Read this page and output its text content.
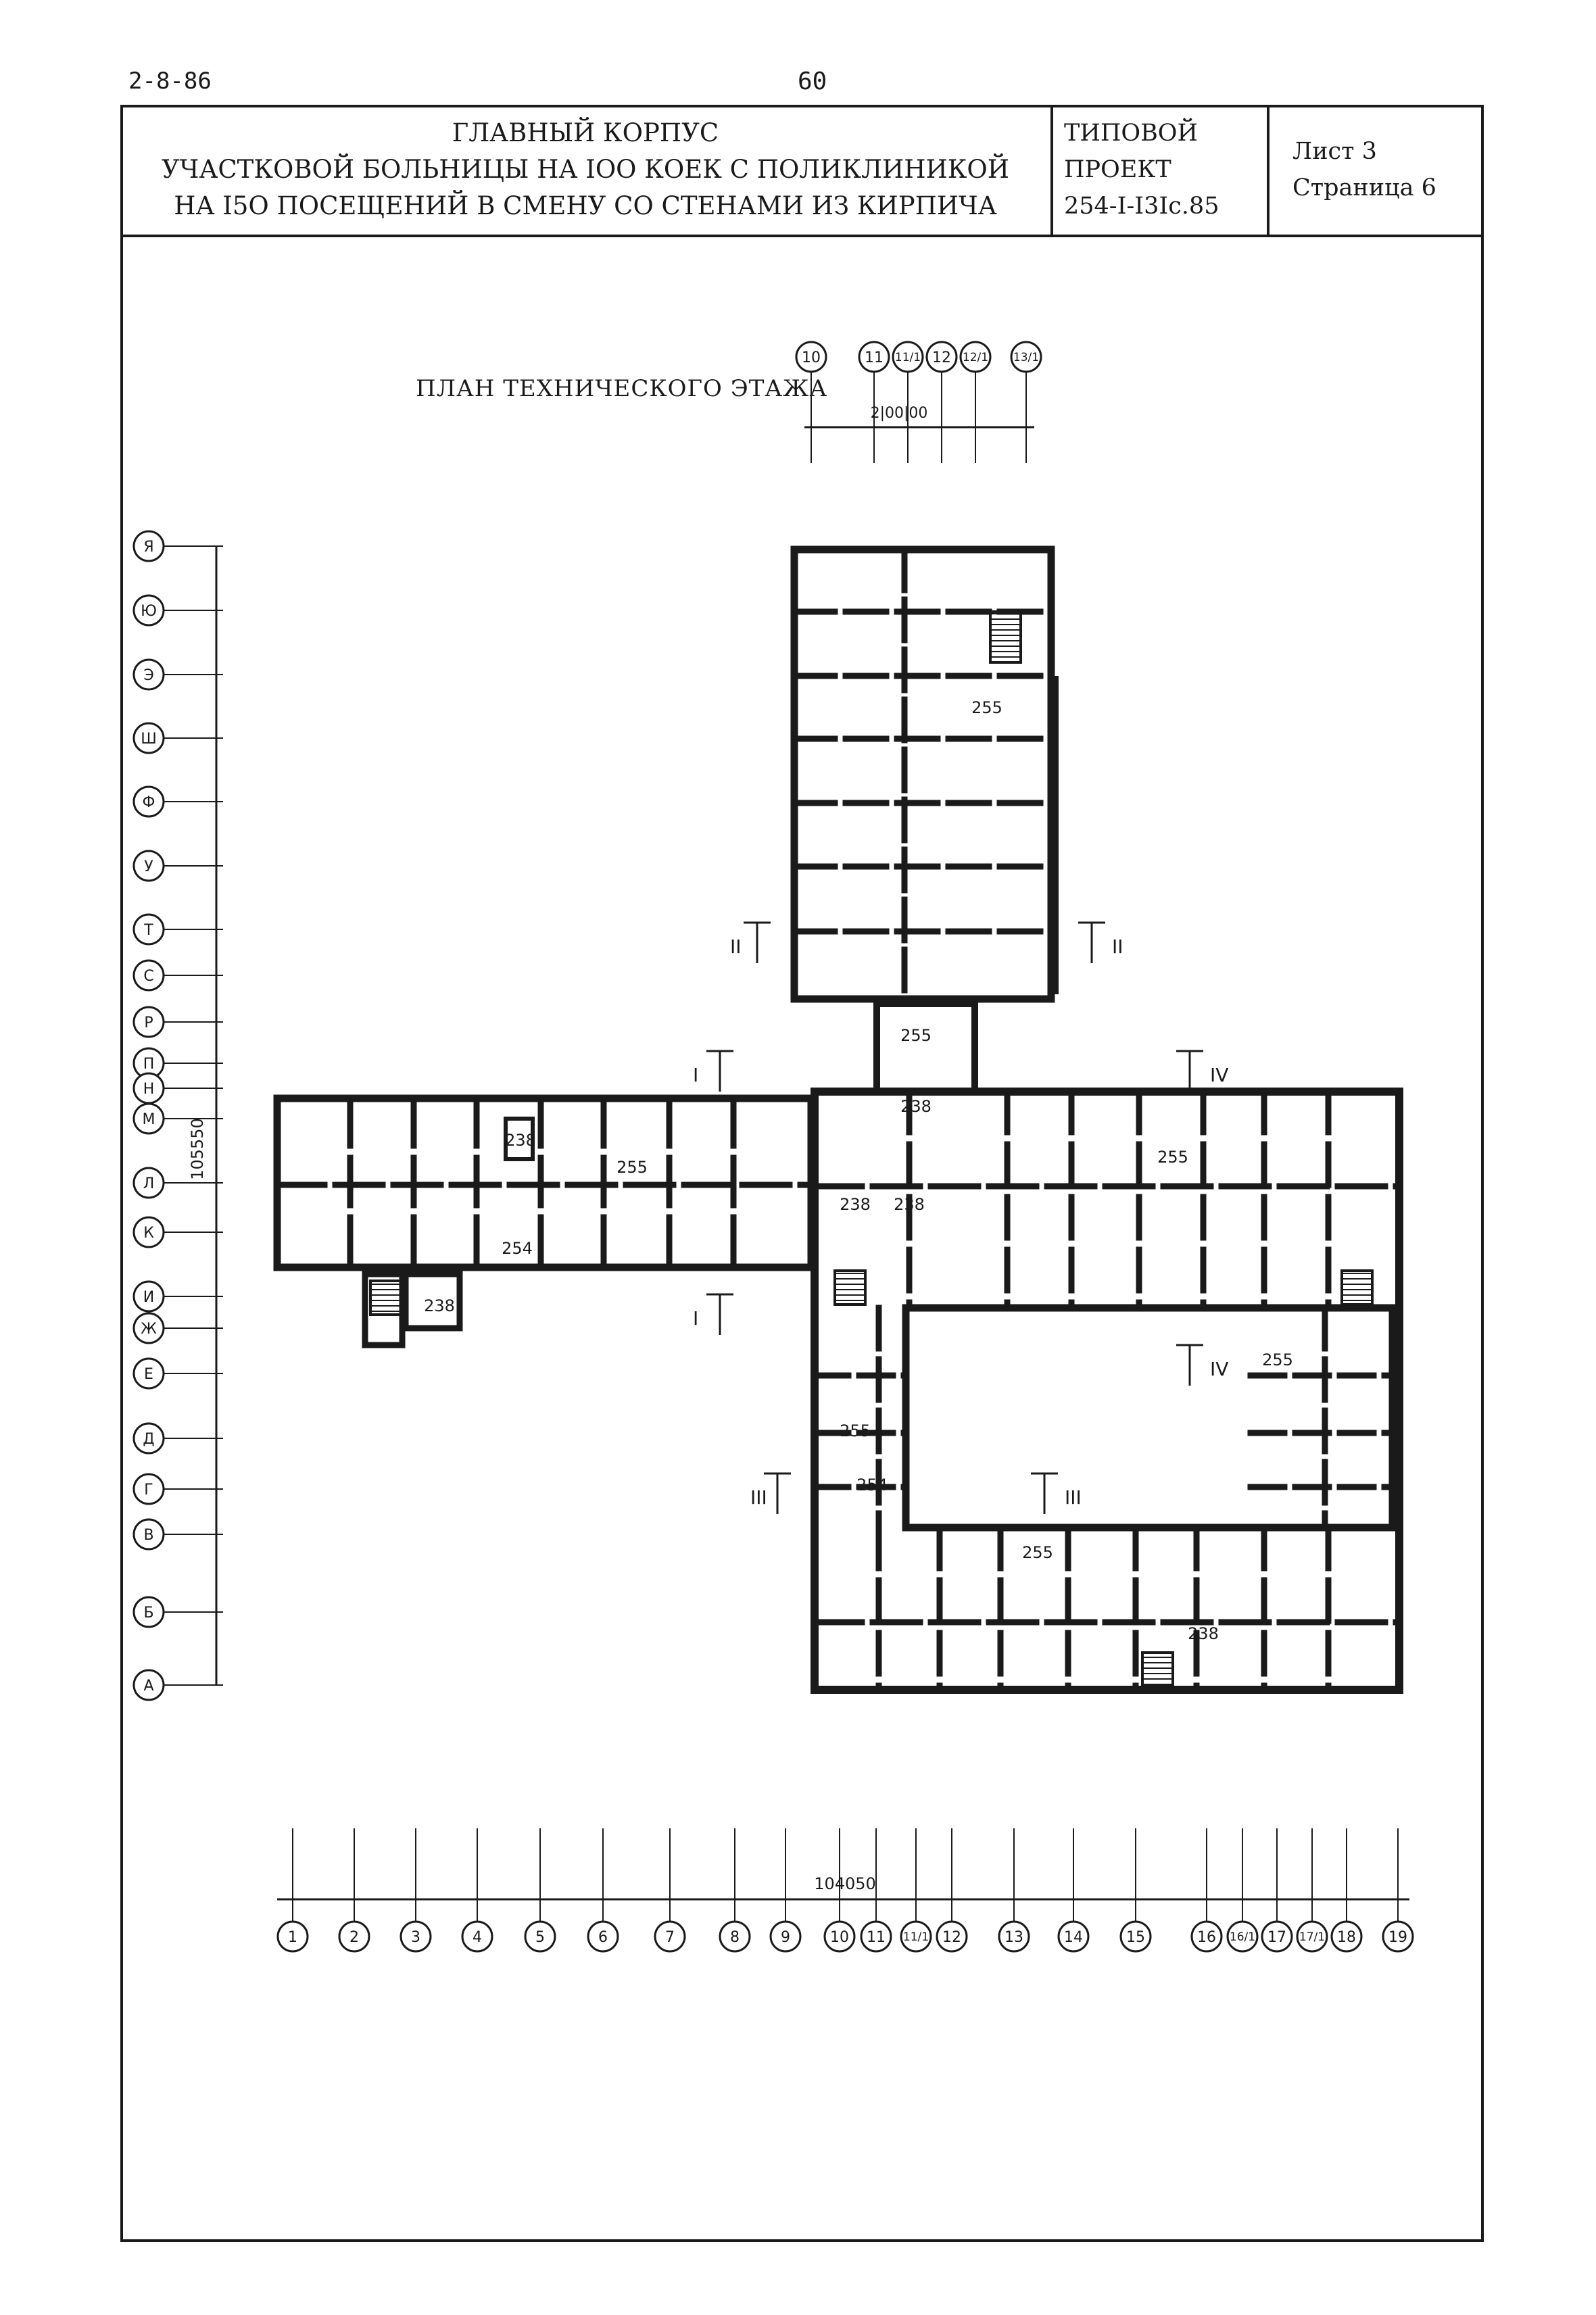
2-8-86	60
ГЛАВНЫЙ КОРПУС
УЧАСТКОВОЙ БОЛЬНИЦЫ НА IOO КОЕК С ПОЛИКЛИНИКОЙ
НА I5O ПОСЕЩЕНИЙ В СМЕНУ СО СТЕНАМИ ИЗ КИРПИЧА
ТИПОВОЙ ПРОЕКТ
254-I-I3Ic.85
Лист 3
Страница 6
ПЛАН ТЕХНИЧЕСКОГО ЭТАЖА
Я
Ю
Э
Ш
Ф
У
Т
С
Р
П
Н
М
Л
К
И
Ж
Е
Д
Г
В
Б
А
1	2	3	4	5	6	7	8	9	10 11 11/1 12	13	14	15	16 16/1 17 17/1 18 19
10	11 11/1 12 12/1 13/1
105550
104050
2|00|00
II	II
I
I
IV
IV
III	III
255
255
238
255
238 238
255
238
254
238
255
254
255
255
238
